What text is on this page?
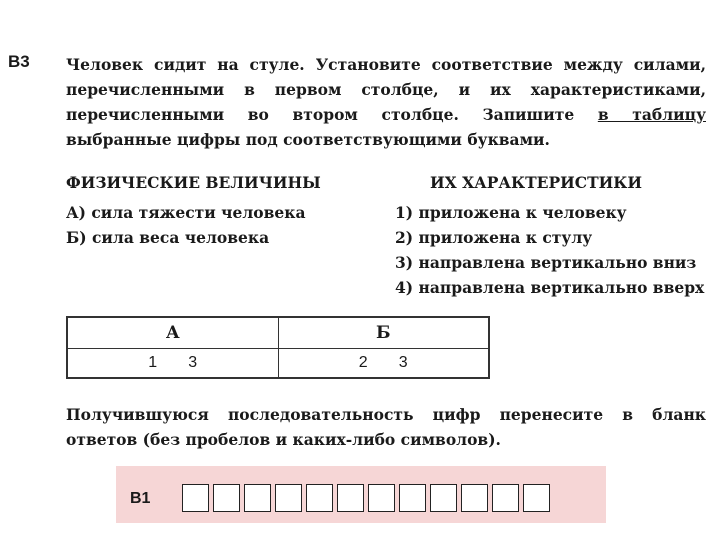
B3 Человек сидит на стуле. Установите соответствие между силами, перечисленными в первом столбце, и их характеристиками, перечисленными во втором столбце. Запишите в таблицу выбранные цифры под соответствующими буквами.
ФИЗИЧЕСКИЕ ВЕЛИЧИНЫ	ИХ ХАРАКТЕРИСТИКИ
А) сила тяжести человека
Б) сила веса человека
1) приложена к человеку
2) приложена к стулу
3) направлена вертикально вниз
4) направлена вертикально вверх
А	Б
1 3	2 3
Получившуюся последовательность цифр перенесите в бланк ответов (без пробелов и каких-либо символов).
B1
